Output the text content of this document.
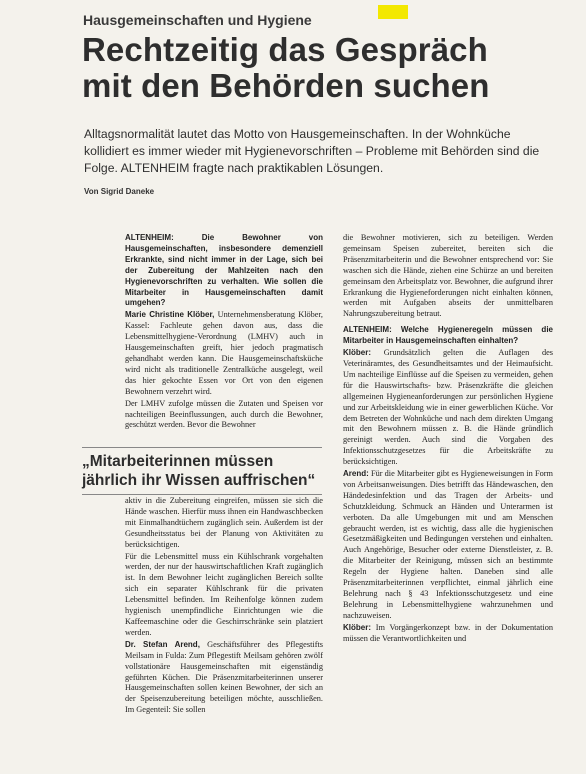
Hausgemeinschaften und Hygiene
Rechtzeitig das Gespräch
mit den Behörden suchen
Alltagsnormalität lautet das Motto von Hausgemeinschaften. In der Wohnküche kollidiert es immer wieder mit Hygienevorschriften – Probleme mit Behörden sind die Folge. ALTENHEIM fragte nach praktikablen Lösungen.
Von Sigrid Daneke

ALTENHEIM: Die Bewohner von Hausgemeinschaften, insbesondere demenziell Erkrankte, sind nicht immer in der Lage, sich bei der Zubereitung der Mahlzeiten nach den Hygienevorschriften zu verhalten. Wie sollen die Mitarbeiter in Hausgemeinschaften damit umgehen?

Marie Christine Klöber, Unternehmensberatung Klöber, Kassel: Fachleute gehen davon aus, dass die Lebensmittelhygiene-Verordnung (LMHV) auch in Hausgemeinschaften greift, hier jedoch pragmatisch gehandhabt werden kann. Die Hausgemeinschaftsküche wird nicht als traditionelle Zentralküche ausgelegt, weil das hier gekochte Essen vor Ort von den eigenen Bewohnern verzehrt wird.

Der LMHV zufolge müssen die Zutaten und Speisen vor nachteiligen Beeinflussungen, auch durch die Bewohner, geschützt werden. Bevor die Bewohner

„Mitarbeiterinnen müssen jährlich ihr Wissen auffrischen“

aktiv in die Zubereitung eingreifen, müssen sie sich die Hände waschen. Hierfür muss ihnen ein Handwaschbecken mit Einmalhandtüchern zugänglich sein. Außerdem ist der Gesundheitsstatus bei der Planung von Aktivitäten zu berücksichtigen.

Für die Lebensmittel muss ein Kühlschrank vorgehalten werden, der nur der hauswirtschaftlichen Kraft zugänglich ist. In dem Bewohner leicht zugänglichen Bereich sollte sich ein separater Kühlschrank für die privaten Lebensmittel befinden. Im Reihenfolge können zudem hygienisch unempfindliche Einrichtungen wie die Kaffeemaschine oder die Geschirrschränke sein platziert werden.

Dr. Stefan Arend, Geschäftsführer des Pflegestifts Meilsam in Fulda: Zum Pflegestift Meilsam gehören zwölf vollstationäre Hausgemeinschaften mit eigenständig geführten Küchen. Die Präsenzmitarbeiterinnen unserer Hausgemeinschaften sollen keinen Bewohner, der sich an der Speisenzubereitung beteiligen möchte, ausschließen. Im Gegenteil: Sie sollen

die Bewohner motivieren, sich zu beteiligen. Werden gemeinsam Speisen zubereitet, bereiten sich die Präsenzmitarbeiterin und die Bewohner entsprechend vor: Sie waschen sich die Hände, ziehen eine Schürze an und bereiten gemeinsam den Arbeitsplatz vor. Bewohner, die aufgrund ihrer Erkrankung die Hygieneforderungen nicht einhalten können, werden mit Aufgaben abseits der unmittelbaren Nahrungszubereitung betraut.

ALTENHEIM: Welche Hygieneregeln müssen die Mitarbeiter in Hausgemeinschaften einhalten?

Klöber: Grundsätzlich gelten die Auflagen des Veterinäramtes, des Gesundheitsamtes und der Heimaufsicht. Um nachteilige Einflüsse auf die Speisen zu vermeiden, gehen für die Hauswirtschafts- bzw. Präsenzkräfte die gleichen allgemeinen Hygieneanforderungen zur persönlichen Hygiene und zur Arbeitskleidung wie in einer gewerblichen Küche. Vor dem Betreten der Wohnküche und nach dem direkten Umgang mit den Bewohnern müssen z. B. die Hände gründlich gereinigt werden. Auch sind die Vorgaben des Infektionsschutzgesetzes für die Arbeitskräfte zu berücksichtigen.

Arend: Für die Mitarbeiter gibt es Hygieneweisungen in Form von Arbeitsanweisungen. Dies betrifft das Händewaschen, den Händedesinfektion und das Tragen der Arbeits- und Schutzkleidung. Schmuck an Händen und Unterarmen ist verboten. Da alle Umgebungen mit und am Menschen gebraucht werden, ist es wichtig, dass alle die hygienischen Gesetzmäßigkeiten und Bedingungen verstehen und einhalten. Auch Angehörige, Besucher oder externe Dienstleister, z. B. die Mitarbeiter der Reinigung, müssen sich an bestimmte Regeln der Hygiene halten. Daneben sind alle Präsenzmitarbeiterinnen verpflichtet, einmal jährlich eine Belehrung nach § 43 Infektionsschutzgesetz und eine Belehrung in Lebensmittelhygiene wahrzunehmen und nachzuweisen.

Klöber: Im Vorgängerkonzept bzw. in der Dokumentation müssen die Verantwortlichkeiten und
